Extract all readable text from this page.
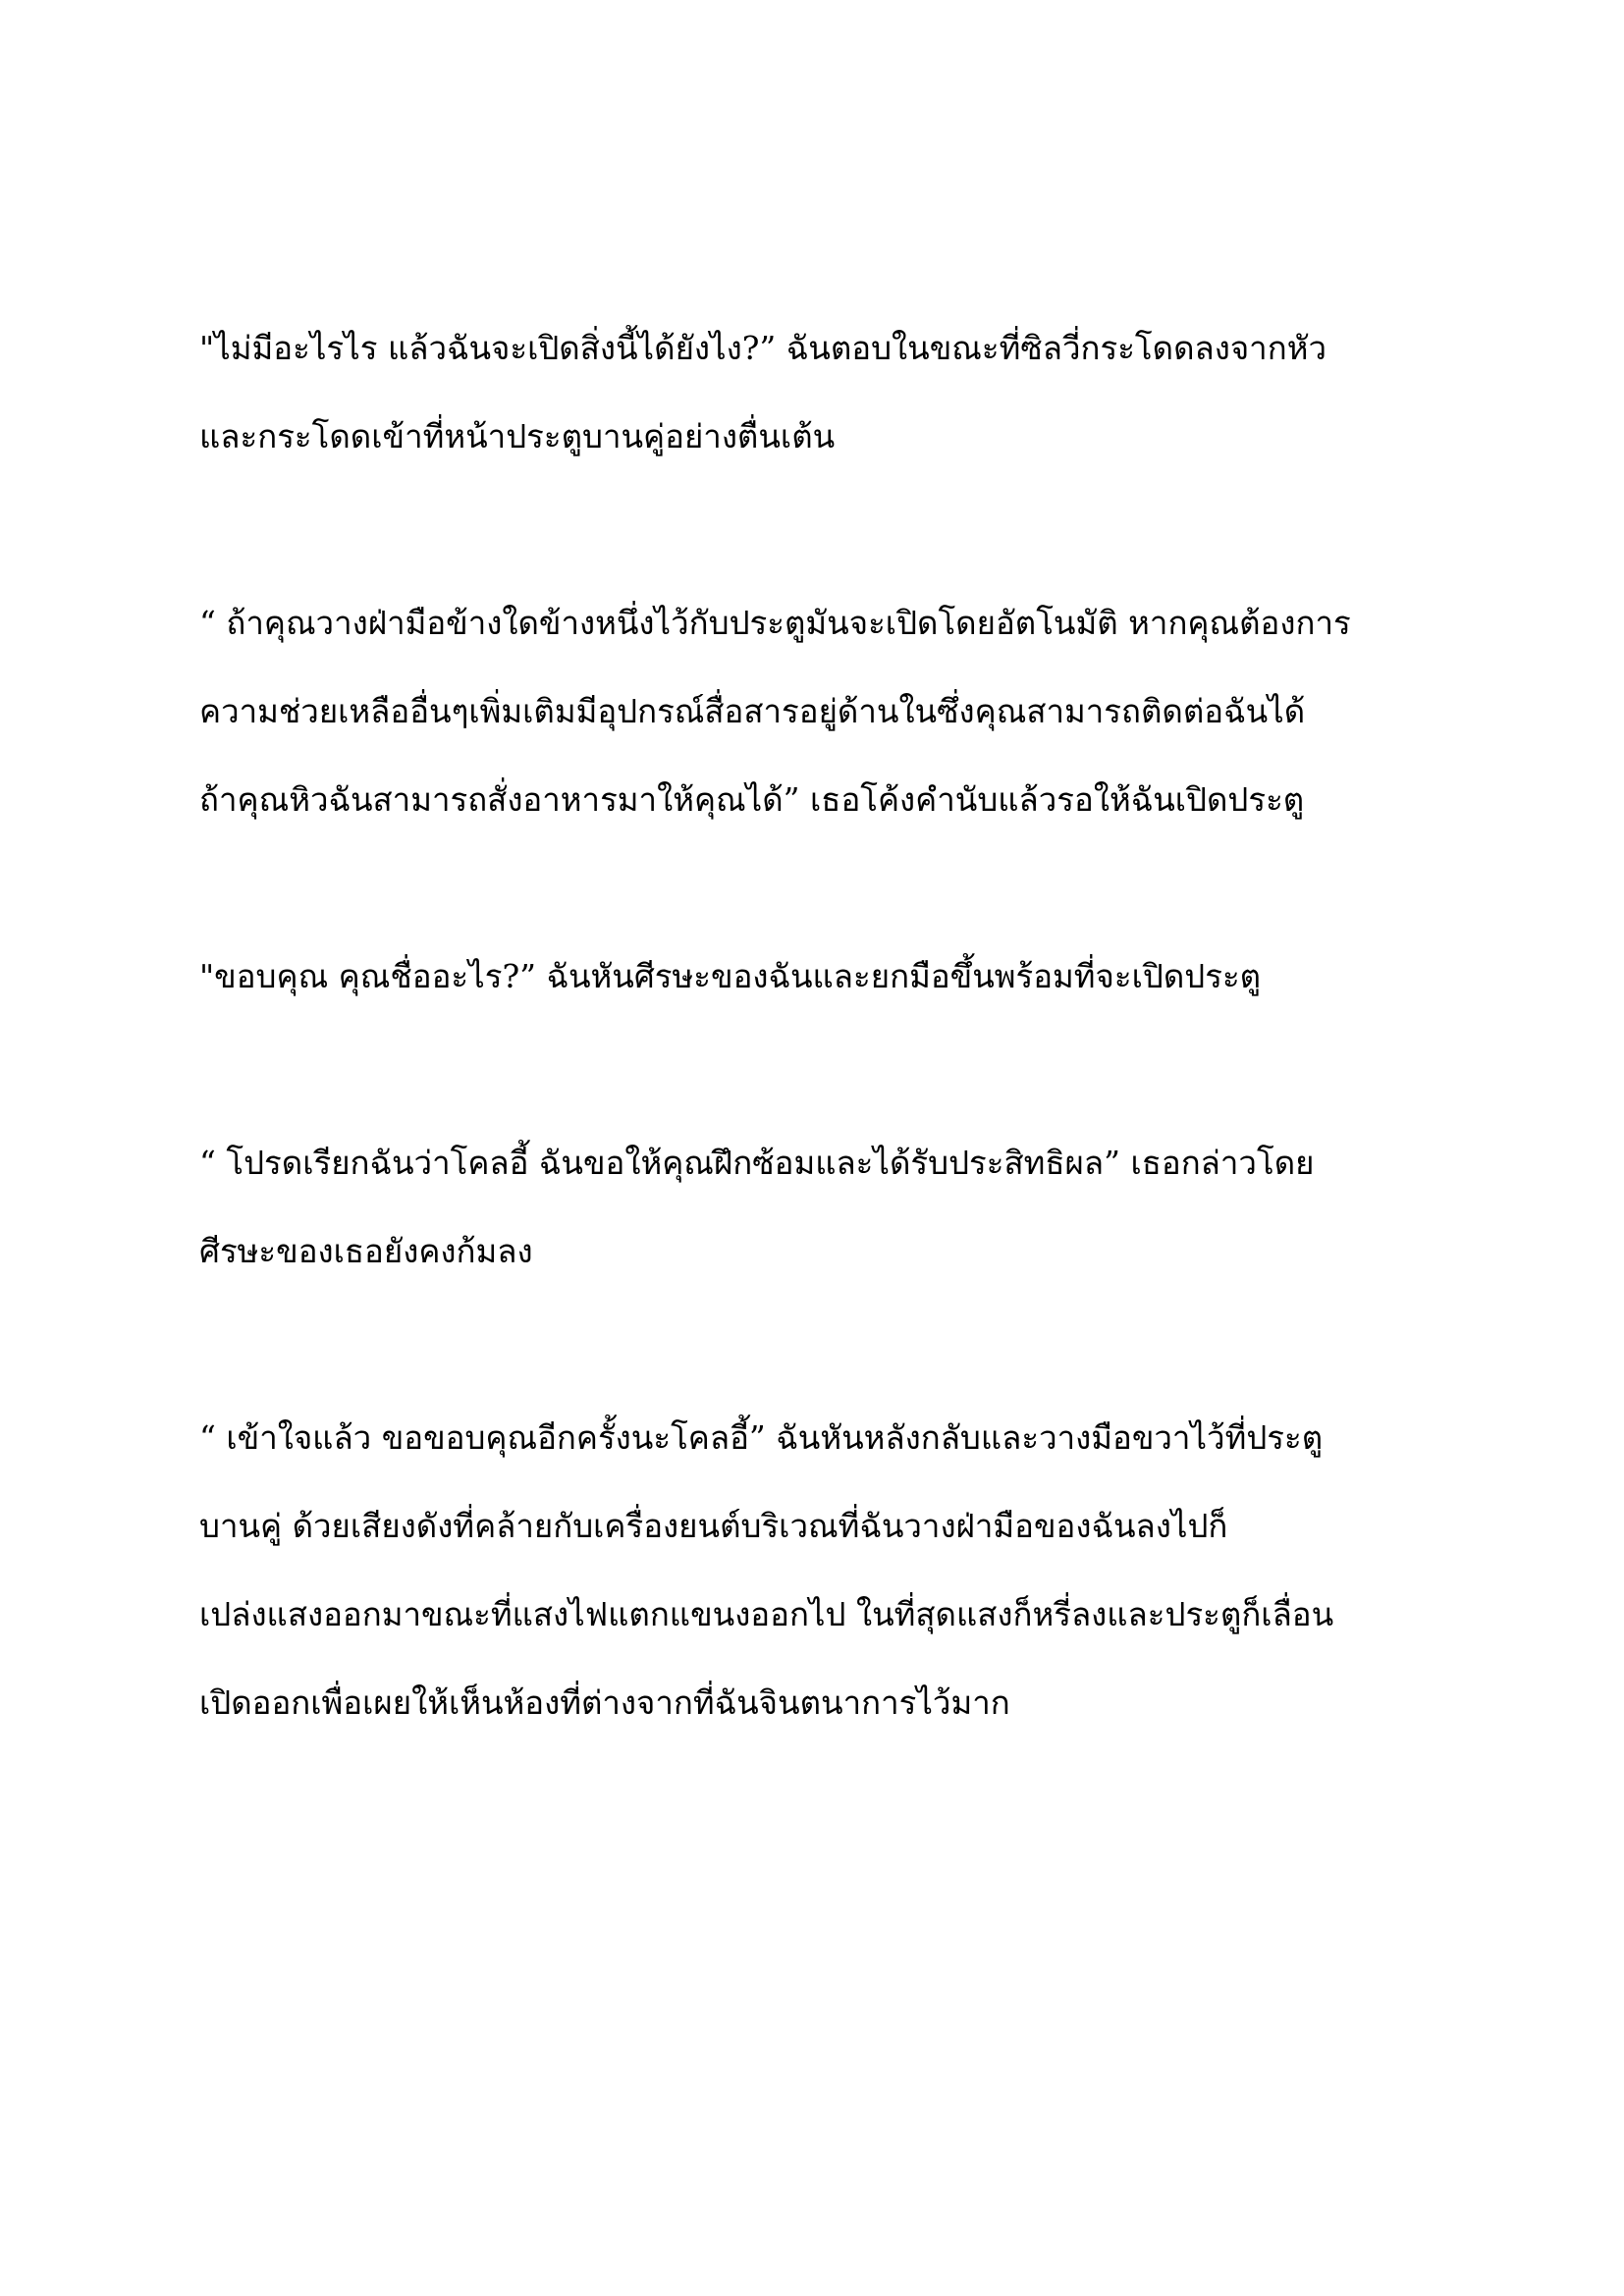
"ไม่มีอะไรไร แล้วฉันจะเปิดสิ่งนี้ได้ยังไง?” ฉันตอบในขณะที่ซิลวี่กระโดดลงจากหัว
และกระโดดเข้าที่หน้าประตูบานคู่อย่างตื่นเต้น

“ ถ้าคุณวางฝ่ามือข้างใดข้างหนึ่งไว้กับประตูมันจะเปิดโดยอัตโนมัติ หากคุณต้องการ
ความช่วยเหลืออื่นๆเพิ่มเติมมีอุปกรณ์สื่อสารอยู่ด้านในซึ่งคุณสามารถติดต่อฉันได้
ถ้าคุณหิวฉันสามารถสั่งอาหารมาให้คุณได้” เธอโค้งคำนับแล้วรอให้ฉันเปิดประตู

"ขอบคุณ คุณชื่ออะไร?” ฉันหันศีรษะของฉันและยกมือขึ้นพร้อมที่จะเปิดประตู

“ โปรดเรียกฉันว่าโคลอี้ ฉันขอให้คุณฝึกซ้อมและได้รับประสิทธิผล” เธอกล่าวโดย
ศีรษะของเธอยังคงก้มลง

“ เข้าใจแล้ว ขอขอบคุณอีกครั้งนะโคลอี้” ฉันหันหลังกลับและวางมือขวาไว้ที่ประตู
บานคู่ ด้วยเสียงดังที่คล้ายกับเครื่องยนต์บริเวณที่ฉันวางฝ่ามือของฉันลงไปก็
เปล่งแสงออกมาขณะที่แสงไฟแตกแขนงออกไป ในที่สุดแสงก็หรี่ลงและประตูก็เลื่อน
เปิดออกเพื่อเผยให้เห็นห้องที่ต่างจากที่ฉันจินตนาการไว้มาก
